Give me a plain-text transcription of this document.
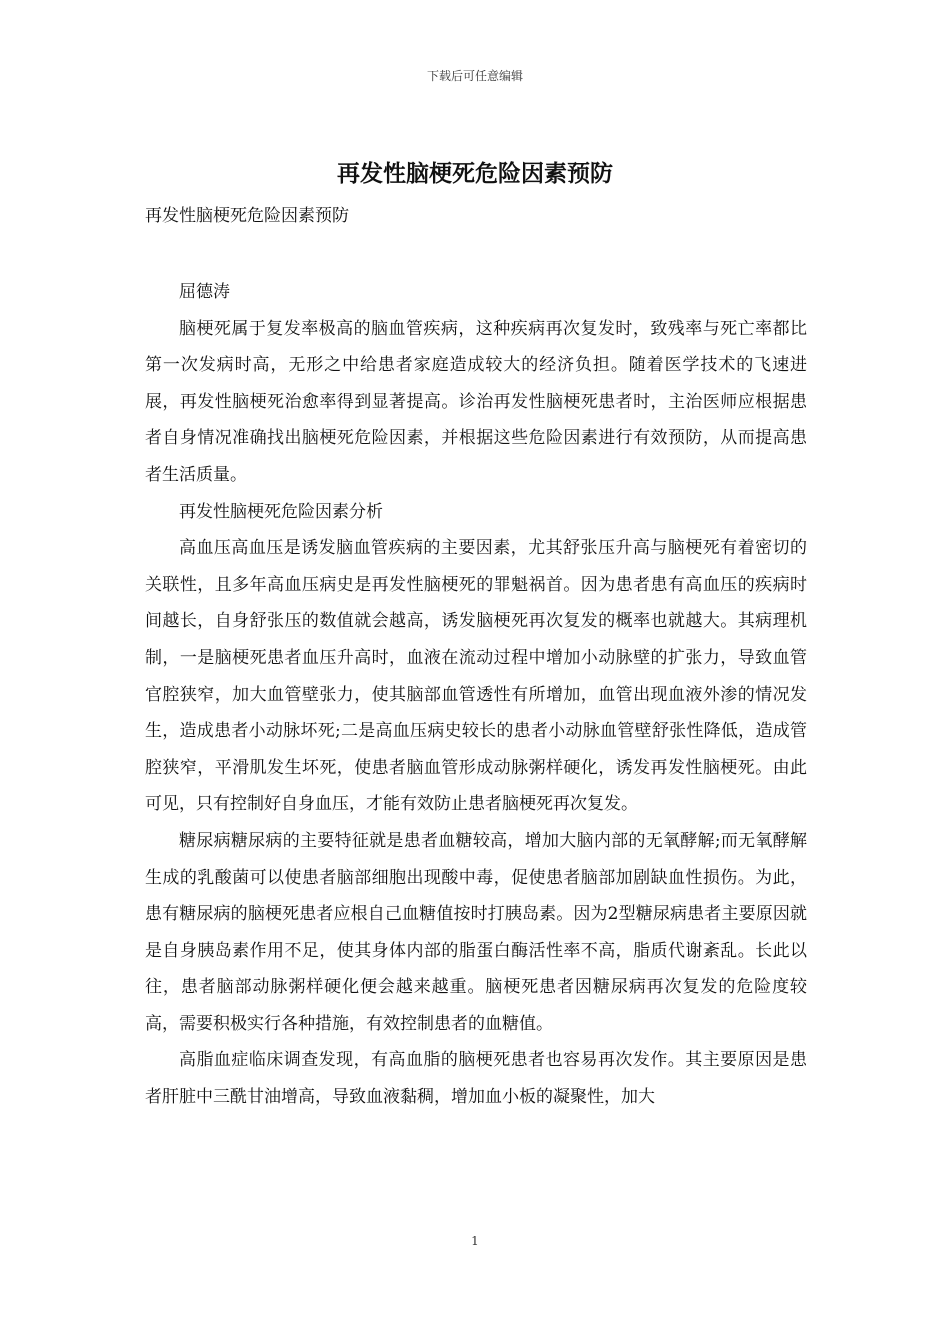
下载后可任意编辑
再发性脑梗死危险因素预防

再发性脑梗死危险因素预防

屈德涛

脑梗死属于复发率极高的脑血管疾病，这种疾病再次复发时，致残率与死亡率都比第一次发病时高，无形之中给患者家庭造成较大的经济负担。随着医学技术的飞速进展，再发性脑梗死治愈率得到显著提高。诊治再发性脑梗死患者时，主治医师应根据患者自身情况准确找出脑梗死危险因素，并根据这些危险因素进行有效预防，从而提高患者生活质量。

再发性脑梗死危险因素分析

高血压高血压是诱发脑血管疾病的主要因素，尤其舒张压升高与脑梗死有着密切的关联性，且多年高血压病史是再发性脑梗死的罪魁祸首。因为患者患有高血压的疾病时间越长，自身舒张压的数值就会越高，诱发脑梗死再次复发的概率也就越大。其病理机制，一是脑梗死患者血压升高时，血液在流动过程中增加小动脉壁的扩张力，导致血管官腔狭窄，加大血管壁张力，使其脑部血管透性有所增加，血管出现血液外渗的情况发生，造成患者小动脉坏死;二是高血压病史较长的患者小动脉血管壁舒张性降低，造成管腔狭窄，平滑肌发生坏死，使患者脑血管形成动脉粥样硬化，诱发再发性脑梗死。由此可见，只有控制好自身血压，才能有效防止患者脑梗死再次复发。

糖尿病糖尿病的主要特征就是患者血糖较高，增加大脑内部的无氧酵解;而无氧酵解生成的乳酸菌可以使患者脑部细胞出现酸中毒，促使患者脑部加剧缺血性损伤。为此，患有糖尿病的脑梗死患者应根自己血糖值按时打胰岛素。因为2型糖尿病患者主要原因就是自身胰岛素作用不足，使其身体内部的脂蛋白酶活性率不高，脂质代谢紊乱。长此以往，患者脑部动脉粥样硬化便会越来越重。脑梗死患者因糖尿病再次复发的危险度较高，需要积极实行各种措施，有效控制患者的血糖值。

高脂血症临床调查发现，有高血脂的脑梗死患者也容易再次发作。其主要原因是患者肝脏中三酰甘油增高，导致血液黏稠，增加血小板的凝聚性，加大

1
